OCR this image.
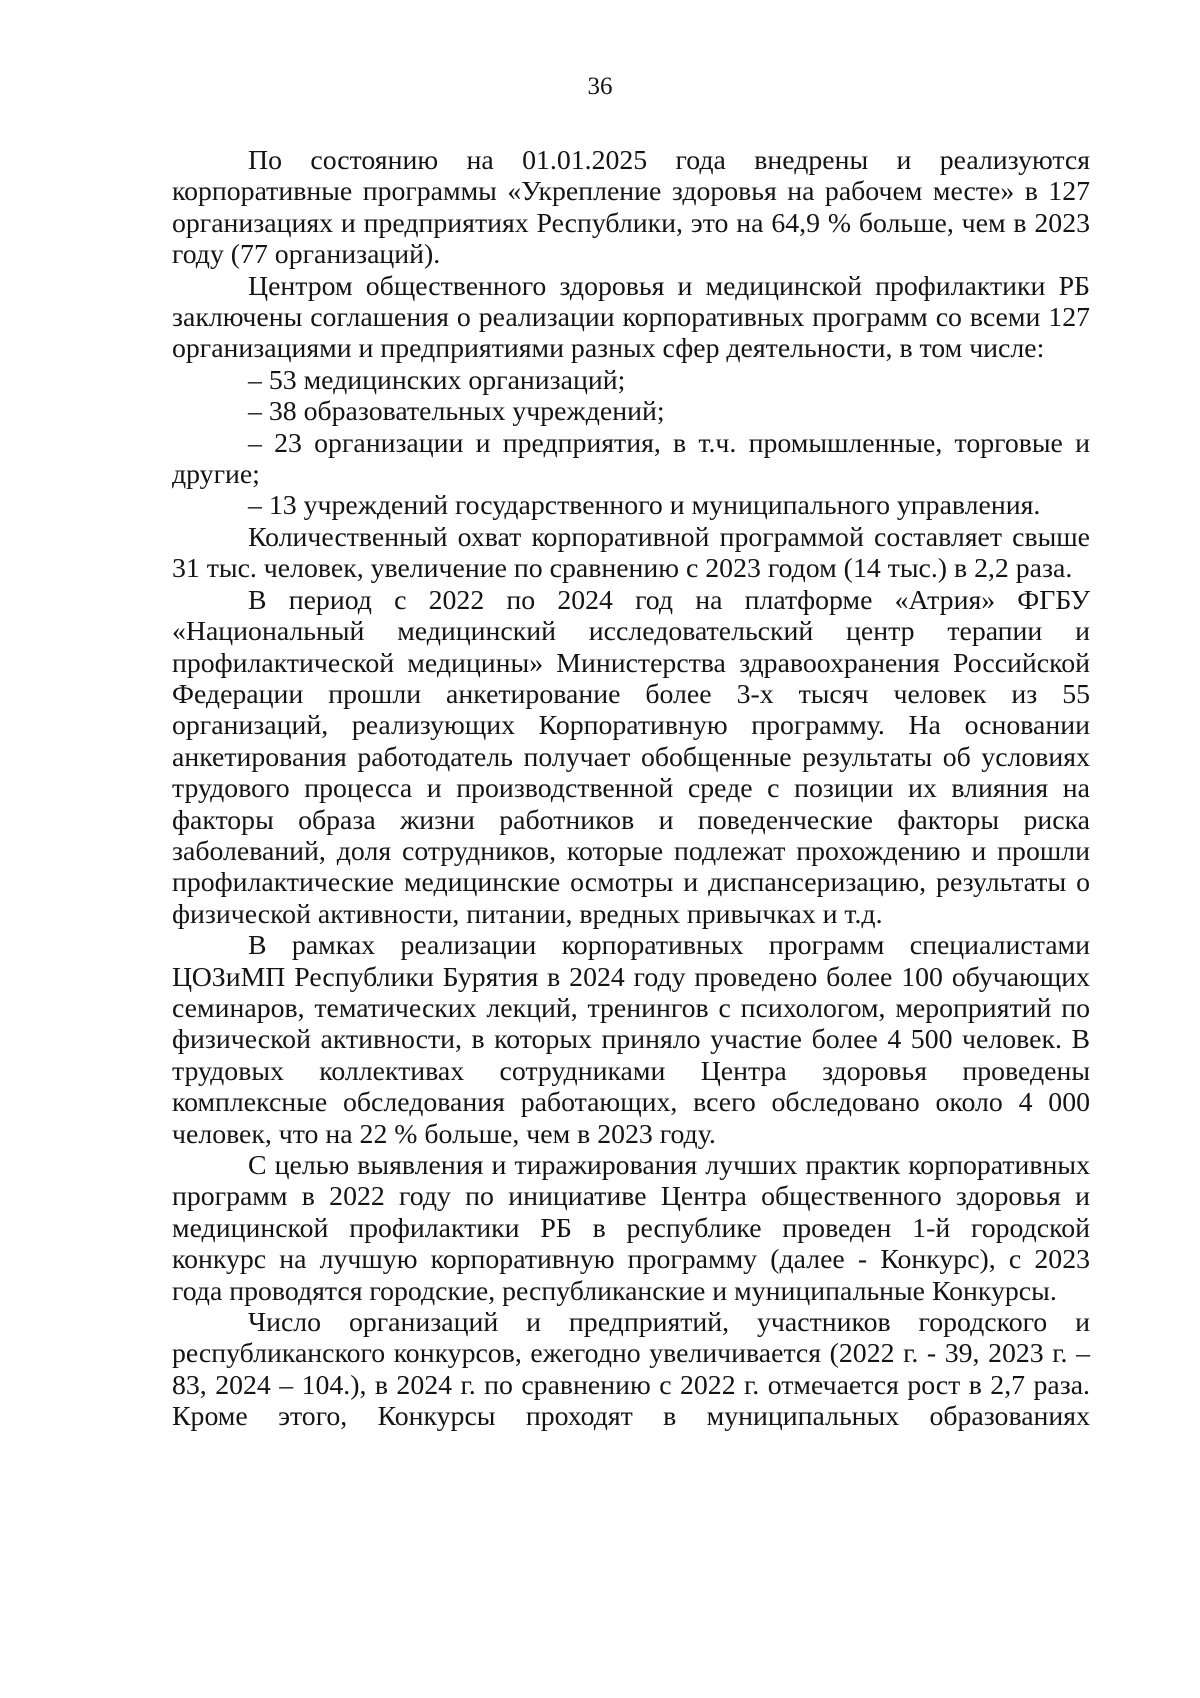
36

По состоянию на 01.01.2025 года внедрены и реализуются корпоративные программы «Укрепление здоровья на рабочем месте» в 127 организациях и предприятиях Республики, это на 64,9 % больше, чем в 2023 году (77 организаций).

Центром общественного здоровья и медицинской профилактики РБ заключены соглашения о реализации корпоративных программ со всеми 127 организациями и предприятиями разных сфер деятельности, в том числе:

– 53 медицинских организаций;

– 38 образовательных учреждений;

– 23 организации и предприятия, в т.ч. промышленные, торговые и другие;

– 13 учреждений государственного и муниципального управления.

Количественный охват корпоративной программой составляет свыше 31 тыс. человек, увеличение по сравнению с 2023 годом (14 тыс.) в 2,2 раза.

В период с 2022 по 2024 год на платформе «Атрия» ФГБУ «Национальный медицинский исследовательский центр терапии и профилактической медицины» Министерства здравоохранения Российской Федерации прошли анкетирование более 3-х тысяч человек из 55 организаций, реализующих Корпоративную программу. На основании анкетирования работодатель получает обобщенные результаты об условиях трудового процесса и производственной среде с позиции их влияния на факторы образа жизни работников и поведенческие факторы риска заболеваний, доля сотрудников, которые подлежат прохождению и прошли профилактические медицинские осмотры и диспансеризацию, результаты о физической активности, питании, вредных привычках и т.д.

В рамках реализации корпоративных программ специалистами ЦОЗиМП Республики Бурятия в 2024 году проведено более 100 обучающих семинаров, тематических лекций, тренингов с психологом, мероприятий по физической активности, в которых приняло участие более 4 500 человек. В трудовых коллективах сотрудниками Центра здоровья проведены комплексные обследования работающих, всего обследовано около 4 000 человек, что на 22 % больше, чем в 2023 году.

С целью выявления и тиражирования лучших практик корпоративных программ в 2022 году по инициативе Центра общественного здоровья и медицинской профилактики РБ в республике проведен 1-й городской конкурс на лучшую корпоративную программу (далее - Конкурс), с 2023 года проводятся городские, республиканские и муниципальные Конкурсы.

Число организаций и предприятий, участников городского и республиканского конкурсов, ежегодно увеличивается (2022 г. - 39, 2023 г. – 83, 2024 – 104.), в 2024 г. по сравнению с 2022 г. отмечается рост в 2,7 раза. Кроме этого, Конкурсы проходят в муниципальных образованиях
